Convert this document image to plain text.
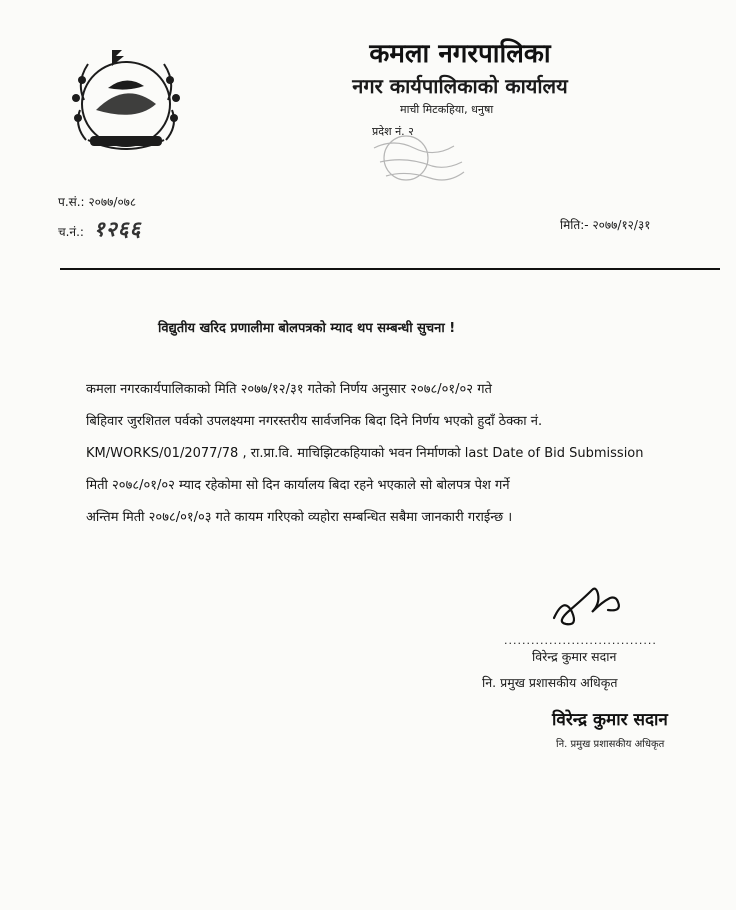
कमला नगरपालिका
नगर कार्यपालिकाको कार्यालय
माची मिटकहिया, धनुषा
प्रदेश नं. २
प.सं.: २०७७/०७८
च.नं.: १२६६	मिति:- २०७७/१२/३१
विद्युतीय खरिद प्रणालीमा बोलपत्रको म्याद थप सम्बन्धी सुचना !
कमला नगरकार्यपालिकाको मिति २०७७/१२/३१ गतेको निर्णय अनुसार २०७८/०१/०२ गते
बिहिवार जुरशितल पर्वको उपलक्ष्यमा नगरस्तरीय सार्वजनिक बिदा दिने निर्णय भएको हुदाँ ठेक्का नं.
KM/WORKS/01/2077/78 , रा.प्रा.वि. माचिझिटकहियाको भवन निर्माणको last Date of Bid Submission
मिती २०७८/०१/०२ म्याद रहेकोमा सो दिन कार्यालय बिदा रहने भएकाले सो बोलपत्र पेश गर्ने
अन्तिम मिती २०७८/०१/०३ गते कायम गरिएको व्यहोरा सम्बन्धित सबैमा जानकारी गराईन्छ ।
..................................
विरेन्द्र कुमार सदान
नि. प्रमुख प्रशासकीय अधिकृत
विरेन्द्र कुमार सदान
नि. प्रमुख प्रशासकीय अधिकृत
